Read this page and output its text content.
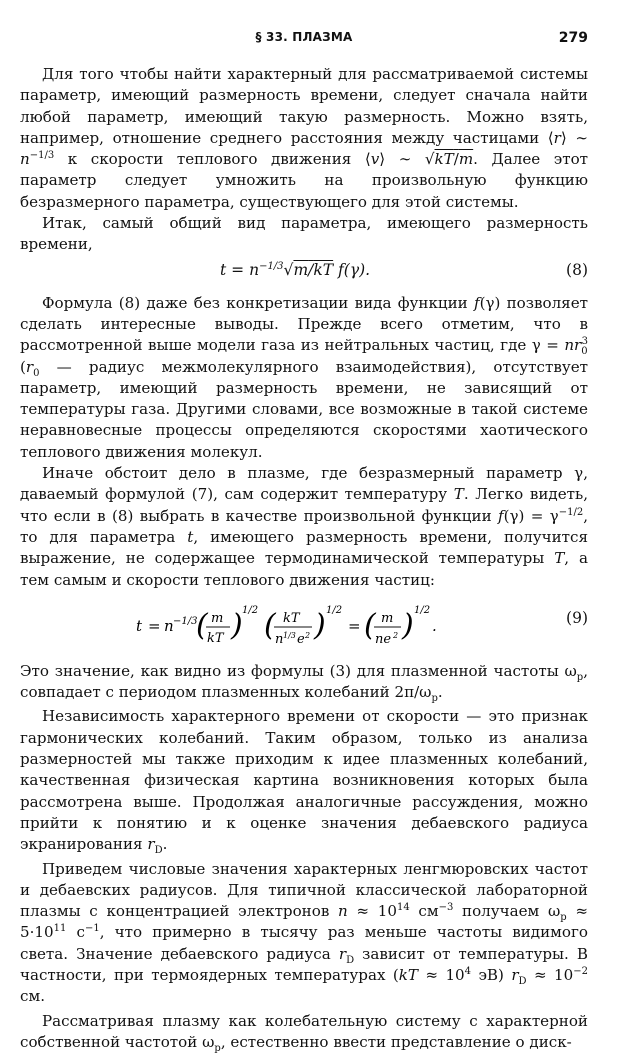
§ 33. ПЛАЗМА	279

Для того чтобы найти характерный для рассматриваемой системы параметр, имеющий размерность времени, следует сначала найти любой параметр, имеющий такую размерность. Можно взять, например, отношение среднего расстояния между частицами ⟨r⟩ ∼ $n^{-1/3}$ к скорости теплового движения ⟨v⟩ ∼ √kT/m. Далее этот параметр следует умножить на произвольную функцию безразмерного параметра, существующего для этой системы.

Итак, самый общий вид параметра, имеющего размерность времени,

$t = n^{-1/3}√m/kT$ f(γ).	(8)

Формула (8) даже без конкретизации вида функции f(γ) позволяет сделать интересные выводы. Прежде всего отметим, что в рассмотренной выше модели газа из нейтральных частиц, где $\gamma = nr_0^3$ ($r_0$ — радиус межмолекулярного взаимодействия), отсутствует параметр, имеющий размерность времени, не зависящий от температуры газа. Другими словами, все возможные в такой системе неравновесные процессы определяются скоростями хаотического теплового движения молекул.

Иначе обстоит дело в плазме, где безразмерный параметр γ, даваемый формулой (7), сам содержит температуру T. Легко видеть, что если в (8) выбрать в качестве произвольной функции $f(\gamma) = \gamma^{-1/2}$, то для параметра t, имеющего размерность времени, получится выражение, не содержащее термодинамической температуры T, а тем самым и скорости теплового движения частиц:

t = n −1/3
( m
kT ) 1/2 ( kT
n 1/3 e 2 ) 1/2
= ( m
ne 2 ) 1/2
.	(9)

Это значение, как видно из формулы (3) для плазменной частоты $\omega_p$, совпадает с периодом плазменных колебаний $2\pi/\omega_p$.

Независимость характерного времени от скорости — это признак гармонических колебаний. Таким образом, только из анализа размерностей мы также приходим к идее плазменных колебаний, качественная физическая картина возникновения которых была рассмотрена выше. Продолжая аналогичные рассуждения, можно прийти к понятию и к оценке значения дебаевского радиуса экранирования $r_D$.

Приведем числовые значения характерных ленгмюровских частот и дебаевских радиусов. Для типичной классической лабораторной плазмы с концентрацией электронов $n \approx 10^{14}$ $см^{-3}$ получаем $\omega_p \approx 5\cdot 10^{11}$ $с^{-1}$, что примерно в тысячу раз меньше частоты видимого света. Значение дебаевского радиуса $r_D$ зависит от температуры. В частности, при термоядерных температурах ($kT \approx 10^4$ эВ) $r_D \approx 10^{-2}$ см.

Рассматривая плазму как колебательную систему с характерной собственной частотой $\omega_p$, естественно ввести представление о диск-
